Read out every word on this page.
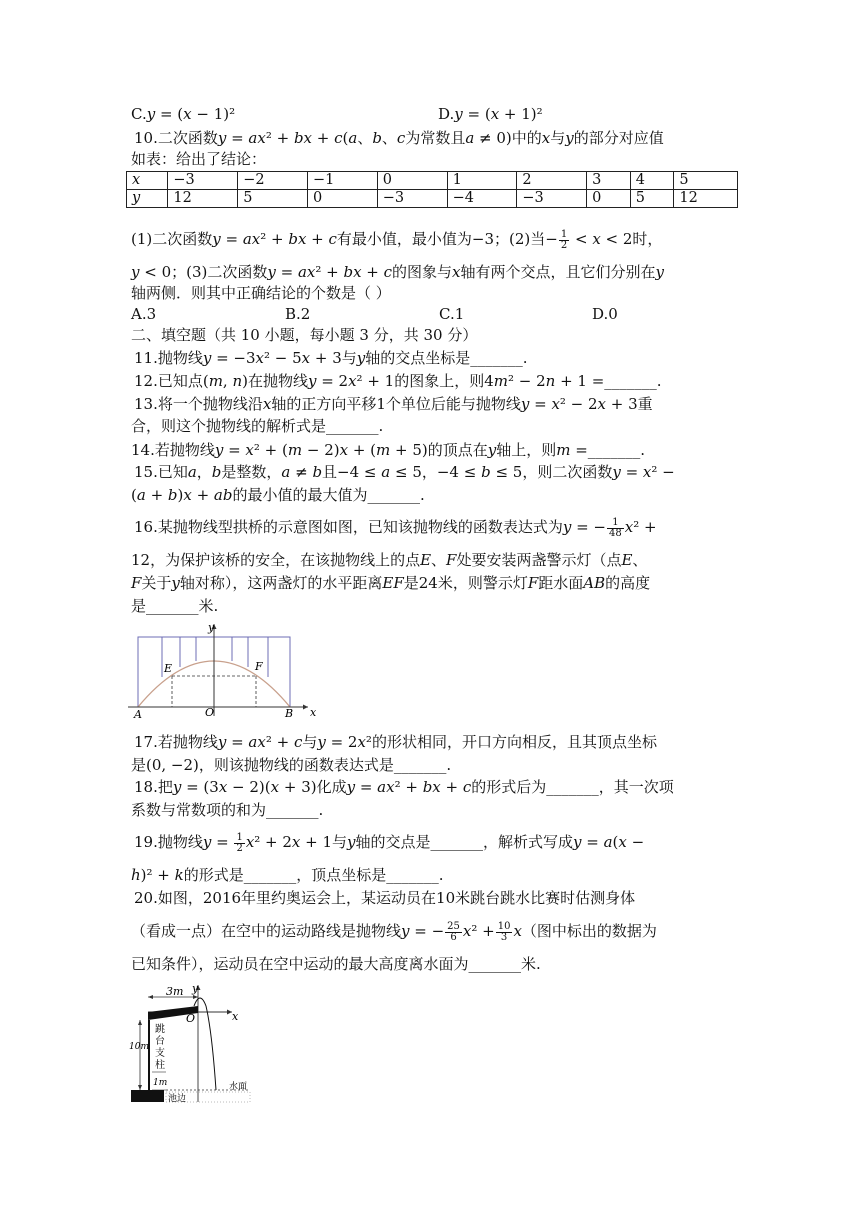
C.𝑦 = (𝑥 − 1)²	D.𝑦 = (𝑥 + 1)²
10.二次函数𝑦 = 𝑎𝑥² + 𝑏𝑥 + 𝑐(𝑎、𝑏、𝑐为常数且𝑎 ≠ 0)中的𝑥与𝑦的部分对应值
如表：给出了结论：
𝑥	−3	−2	−1	0	1	2	3	4	5
𝑦	12	5	0	−3	−4	−3	0	5	12
(1)二次函数𝑦 = 𝑎𝑥² + 𝑏𝑥 + 𝑐有最小值，最小值为−3；(2)当− $\frac{1}{2}$ < 𝑥 < 2时，
𝑦 < 0；(3)二次函数𝑦 = 𝑎𝑥² + 𝑏𝑥 + 𝑐的图象与𝑥轴有两个交点，且它们分别在𝑦
轴两侧．则其中正确结论的个数是（ ）
A.3	B.2	C.1	D.0
二、填空题（共 10 小题，每小题 3 分，共 30 分）
11.抛物线𝑦 = −3𝑥² − 5𝑥 + 3与𝑦轴的交点坐标是_______.
12.已知点(𝑚, 𝑛)在抛物线𝑦 = 2𝑥² + 1的图象上，则4𝑚² − 2𝑛 + 1 =_______.
13.将一个抛物线沿𝑥轴的正方向平移1个单位后能与抛物线𝑦 = 𝑥² − 2𝑥 + 3重
合，则这个抛物线的解析式是_______.
14.若抛物线𝑦 = 𝑥² + (𝑚 − 2)𝑥 + (𝑚 + 5)的顶点在𝑦轴上，则𝑚 =_______.
15.已知𝑎，𝑏是整数，𝑎 ≠ 𝑏且−4 ≤ 𝑎 ≤ 5，−4 ≤ 𝑏 ≤ 5，则二次函数𝑦 = 𝑥² −
(𝑎 + 𝑏)𝑥 + 𝑎𝑏的最小值的最大值为_______.
16.某抛物线型拱桥的示意图如图，已知该抛物线的函数表达式为𝑦 = − $\frac{1}{48}$ 𝑥² +
12，为保护该桥的安全，在该抛物线上的点𝐸、𝐹处要安装两盏警示灯（点𝐸、
𝐹关于𝑦轴对称），这两盏灯的水平距离𝐸𝐹是24米，则警示灯𝐹距水面𝐴𝐵的高度
是_______米.
y
x
E	F
O
A	B
17.若抛物线𝑦 = 𝑎𝑥² + 𝑐与𝑦 = 2𝑥²的形状相同，开口方向相反，且其顶点坐标
是(0, −2)，则该抛物线的函数表达式是_______.
18.把𝑦 = (3𝑥 − 2)(𝑥 + 3)化成𝑦 = 𝑎𝑥² + 𝑏𝑥 + 𝑐的形式后为_______，其一次项
系数与常数项的和为_______.
19.抛物线𝑦 = $\frac{1}{2}$ 𝑥² + 2𝑥 + 1与𝑦轴的交点是_______，解析式写成𝑦 = 𝑎(𝑥 −
ℎ)² + 𝑘的形式是_______，顶点坐标是_______.
20.如图，2016年里约奥运会上，某运动员在10米跳台跳水比赛时估测身体
（看成一点）在空中的运动路线是抛物线𝑦 = − $\frac{25}{6}$ 𝑥² + $\frac{10}{3}$ 𝑥（图中标出的数据为
已知条件），运动员在空中运动的最大高度离水面为_______米.
3m
10m
跳
台
支
柱
1m	水面
池边
y
x
O
